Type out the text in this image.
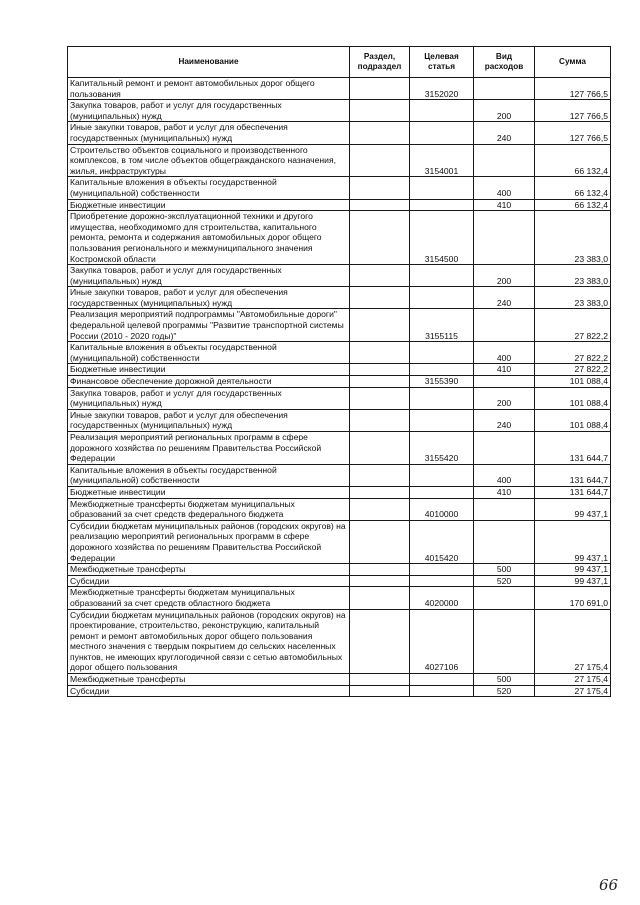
Наименование	Раздел, подраздел	Целевая статья	Вид расходов	Сумма
Капитальный ремонт и ремонт автомобильных дорог общего пользования		3152020		127 766,5
Закупка товаров, работ и услуг для государственных (муниципальных) нужд			200	127 766,5
Иные закупки товаров, работ и услуг для обеспечения государственных (муниципальных) нужд			240	127 766,5
Строительство объектов социального и производственного комплексов, в том числе объектов общегражданского назначения, жилья, инфраструктуры		3154001		66 132,4
Капитальные вложения в объекты государственной (муниципальной) собственности			400	66 132,4
Бюджетные инвестиции			410	66 132,4
Приобретение дорожно-эксплуатационной техники и другого имущества, необходимомго для строительства, капитального ремонта, ремонта и содержания автомобильных дорог общего пользования регионального и межмуниципального значения Костромской области		3154500		23 383,0
Закупка товаров, работ и услуг для государственных (муниципальных) нужд			200	23 383,0
Иные закупки товаров, работ и услуг для обеспечения государственных (муниципальных) нужд			240	23 383,0
Реализация мероприятий подпрограммы "Автомобильные дороги" федеральной целевой программы "Развитие транспортной системы России (2010 - 2020 годы)"		3155115		27 822,2
Капитальные вложения в объекты государственной (муниципальной) собственности			400	27 822,2
Бюджетные инвестиции			410	27 822,2
Финансовое обеспечение дорожной деятельности		3155390		101 088,4
Закупка товаров, работ и услуг для государственных (муниципальных) нужд			200	101 088,4
Иные закупки товаров, работ и услуг для обеспечения государственных (муниципальных) нужд			240	101 088,4
Реализация мероприятий региональных программ в сфере дорожного хозяйства по решениям Правительства Российской Федерации		3155420		131 644,7
Капитальные вложения в объекты государственной (муниципальной) собственности			400	131 644,7
Бюджетные инвестиции			410	131 644,7
Межбюджетные трансферты бюджетам муниципальных образований за счет средств федерального бюджета		4010000		99 437,1
Субсидии бюджетам муниципальных районов (городских округов) на реализацию мероприятий региональных программ в сфере дорожного хозяйства по решениям Правительства Российской Федерации		4015420		99 437,1
Межбюджетные трансферты			500	99 437,1
Субсидии			520	99 437,1
Межбюджетные трансферты бюджетам муниципальных образований за счет средств областного бюджета		4020000		170 691,0
Субсидии бюджетам муниципальных районов (городских округов) на проектирование, строительство, реконструкцию, капитальный ремонт и ремонт автомобильных дорог общего пользования местного значения с твердым покрытием до сельских населенных пунктов, не имеющих круглогодичной связи с сетью автомобильных дорог общего пользования		4027106		27 175,4
Межбюджетные трансферты			500	27 175,4
Субсидии			520	27 175,4
66
